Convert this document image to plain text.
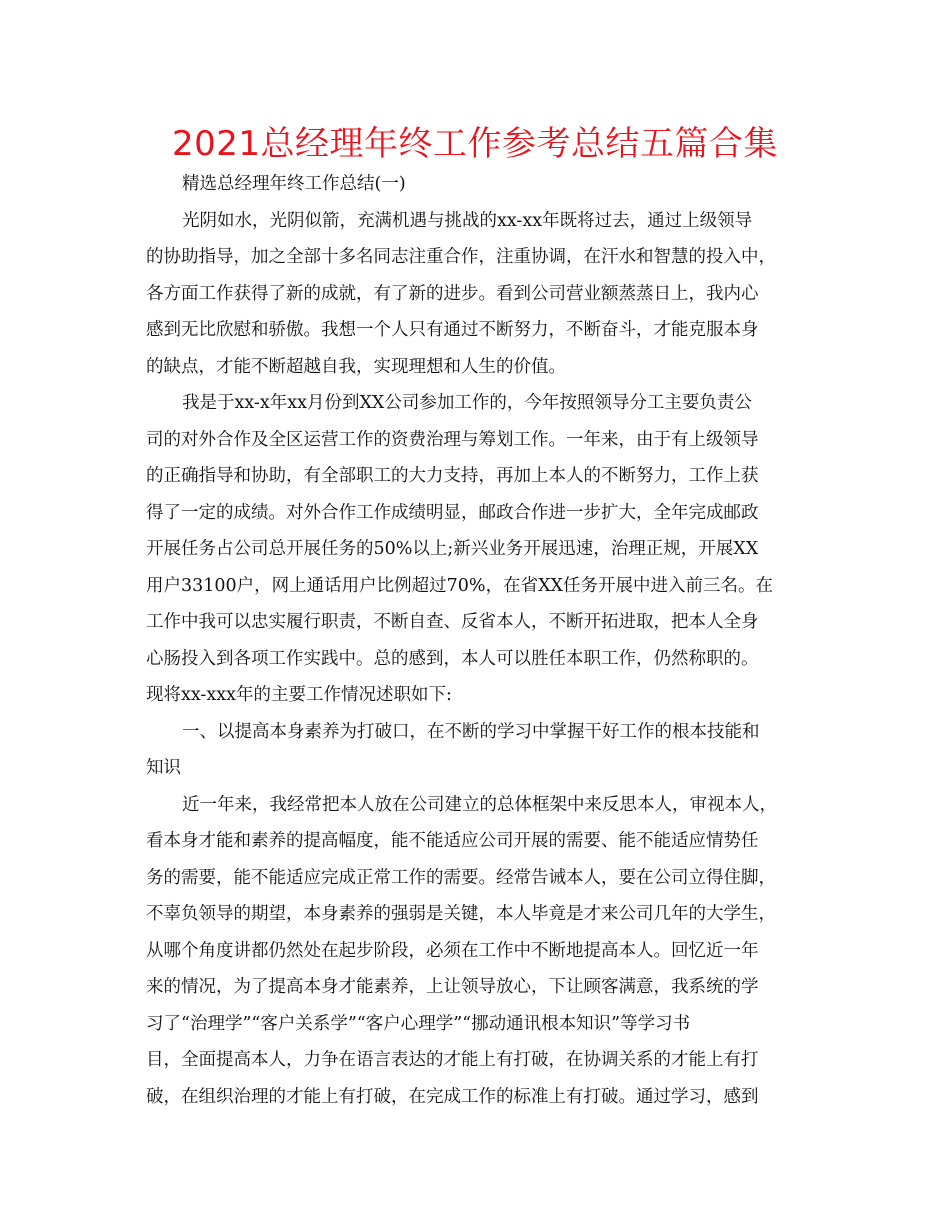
2021总经理年终工作参考总结五篇合集
精选总经理年终工作总结(一)
光阴如水，光阴似箭，充满机遇与挑战的xx-xx年既将过去，通过上级领导
的协助指导，加之全部十多名同志注重合作，注重协调，在汗水和智慧的投入中，
各方面工作获得了新的成就，有了新的进步。看到公司营业额蒸蒸日上，我内心
感到无比欣慰和骄傲。我想一个人只有通过不断努力，不断奋斗，才能克服本身
的缺点，才能不断超越自我，实现理想和人生的价值。
我是于xx-x年xx月份到XX公司参加工作的，今年按照领导分工主要负责公
司的对外合作及全区运营工作的资费治理与筹划工作。一年来，由于有上级领导
的正确指导和协助，有全部职工的大力支持，再加上本人的不断努力，工作上获
得了一定的成绩。对外合作工作成绩明显，邮政合作进一步扩大，全年完成邮政
开展任务占公司总开展任务的50%以上;新兴业务开展迅速，治理正规，开展XX
用户33100户，网上通话用户比例超过70%，在省XX任务开展中进入前三名。在
工作中我可以忠实履行职责，不断自查、反省本人，不断开拓进取，把本人全身
心肠投入到各项工作实践中。总的感到，本人可以胜任本职工作，仍然称职的。
现将xx-xxx年的主要工作情况述职如下:
一、以提高本身素养为打破口，在不断的学习中掌握干好工作的根本技能和
知识
近一年来，我经常把本人放在公司建立的总体框架中来反思本人，审视本人，
看本身才能和素养的提高幅度，能不能适应公司开展的需要、能不能适应情势任
务的需要，能不能适应完成正常工作的需要。经常告诫本人，要在公司立得住脚，
不辜负领导的期望，本身素养的强弱是关键，本人毕竟是才来公司几年的大学生，
从哪个角度讲都仍然处在起步阶段，必须在工作中不断地提高本人。回忆近一年
来的情况，为了提高本身才能素养，上让领导放心，下让顾客满意，我系统的学
习了“治理学”“客户关系学”“客户心理学”“挪动通讯根本知识”等学习书
目，全面提高本人，力争在语言表达的才能上有打破，在协调关系的才能上有打
破，在组织治理的才能上有打破，在完成工作的标准上有打破。通过学习，感到
